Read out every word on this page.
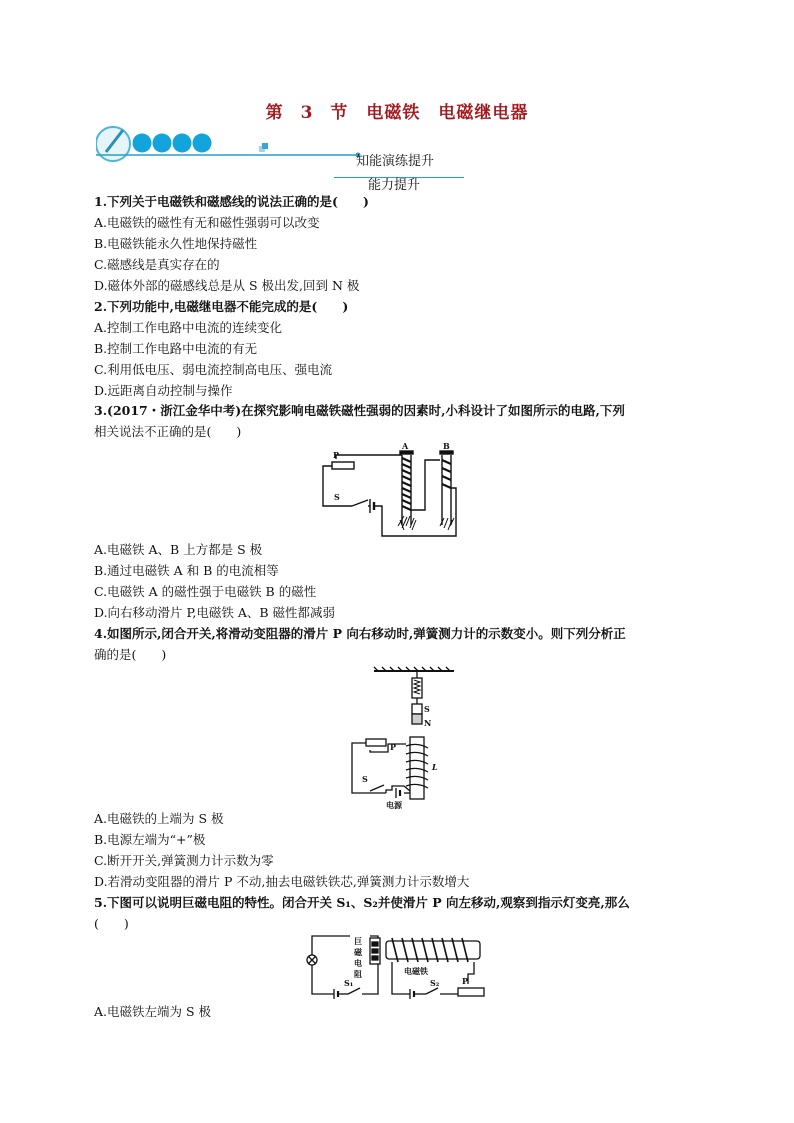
第 3 节　电磁铁　电磁继电器
知能演练提升
能力提升
1.下列关于电磁铁和磁感线的说法正确的是(　　)
A.电磁铁的磁性有无和磁性强弱可以改变
B.电磁铁能永久性地保持磁性
C.磁感线是真实存在的
D.磁体外部的磁感线总是从 S 极出发,回到 N 极
2.下列功能中,电磁继电器不能完成的是(　　)
A.控制工作电路中电流的连续变化
B.控制工作电路中电流的有无
C.利用低电压、弱电流控制高电压、强电流
D.远距离自动控制与操作
3.(2017・浙江金华中考)在探究影响电磁铁磁性强弱的因素时,小科设计了如图所示的电路,下列
相关说法不正确的是(　　)
A	B
P
S
A.电磁铁 A、B 上方都是 S 极
B.通过电磁铁 A 和 B 的电流相等
C.电磁铁 A 的磁性强于电磁铁 B 的磁性
D.向右移动滑片 P,电磁铁 A、B 磁性都减弱
4.如图所示,闭合开关,将滑动变阻器的滑片 P 向右移动时,弹簧测力计的示数变小。则下列分析正
确的是(　　)
S
N
P
S
L
电源
A.电磁铁的上端为 S 极
B.电源左端为“+”极
C.断开开关,弹簧测力计示数为零
D.若滑动变阻器的滑片 P 不动,抽去电磁铁铁芯,弹簧测力计示数增大
5.下图可以说明巨磁电阻的特性。闭合开关 S₁、S₂并使滑片 P 向左移动,观察到指示灯变亮,那么
(　　)
巨
磁
电
阻
S₁
电磁铁
S₂	P
A.电磁铁左端为 S 极
